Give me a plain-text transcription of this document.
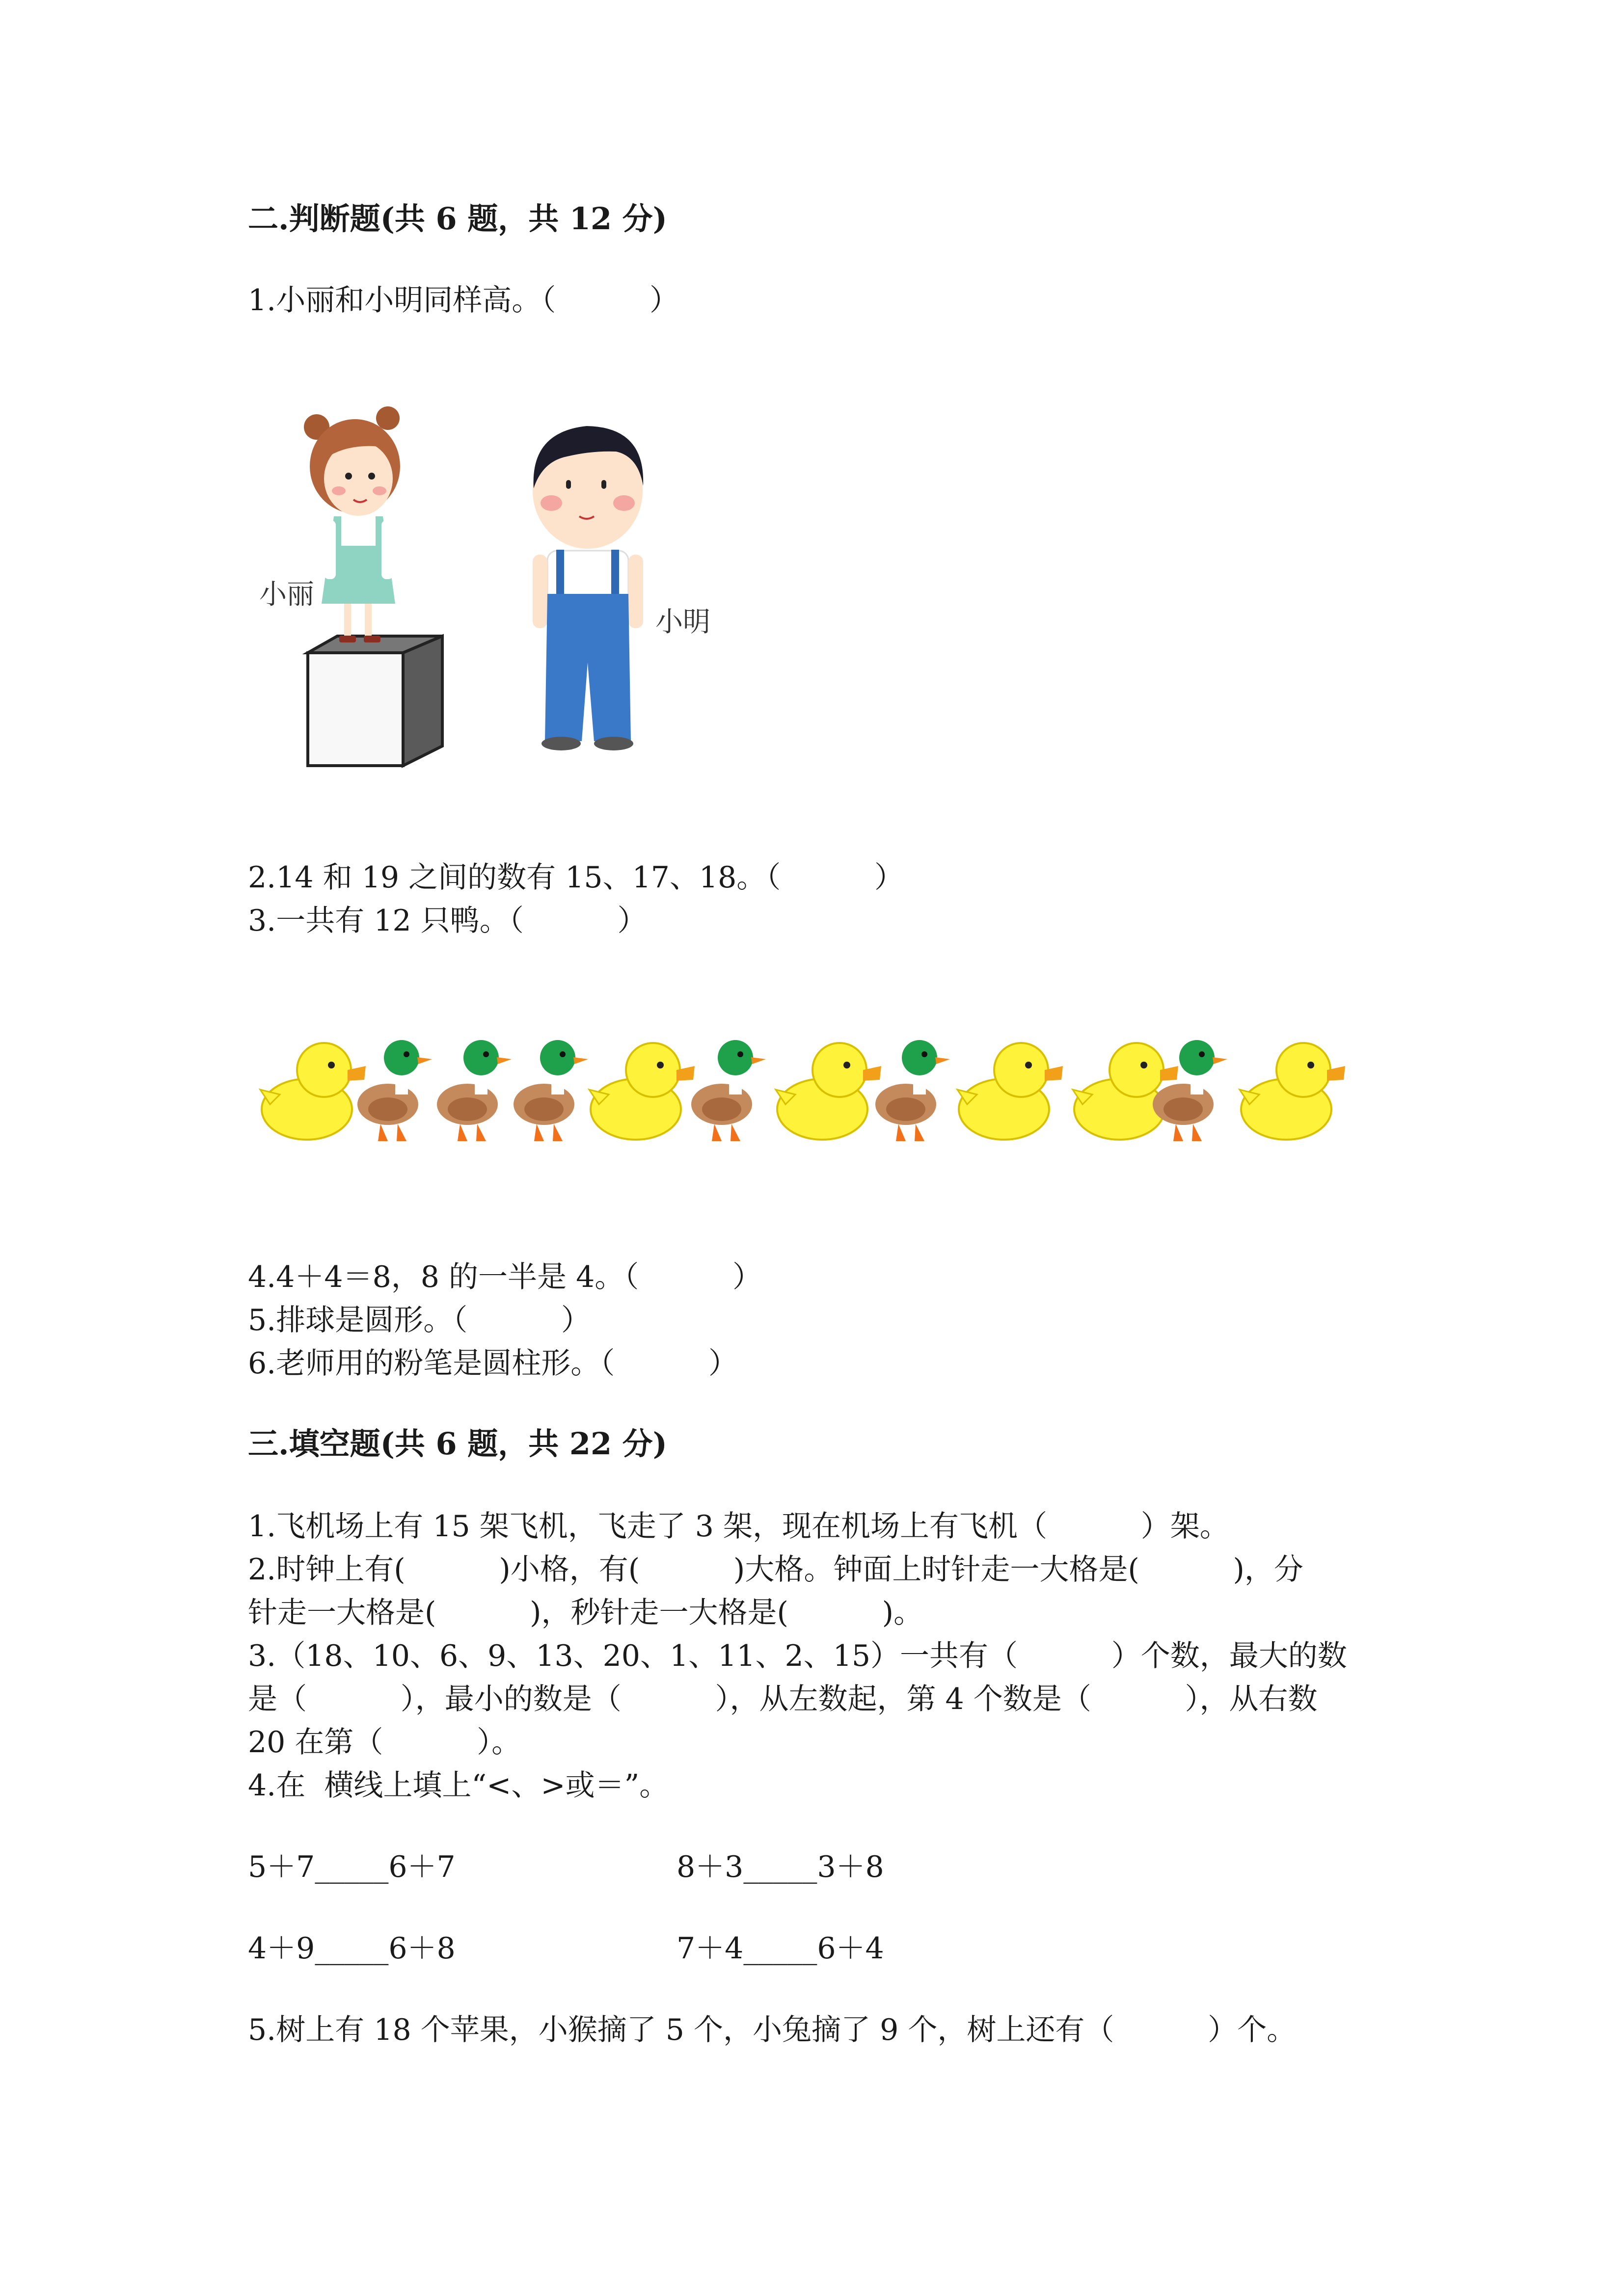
二.判断题(共 6 题，共 12 分)
1.小丽和小明同样高。（          ）
小丽
小明
2.14 和 19 之间的数有 15、17、18。（          ）
3.一共有 12 只鸭。（          ）
4.4＋4＝8，8 的一半是 4。（          ）
5.排球是圆形。（          ）
6.老师用的粉笔是圆柱形。（          ）
三.填空题(共 6 题，共 22 分)
1.飞机场上有 15 架飞机，飞走了 3 架，现在机场上有飞机（          ）架。
2.时钟上有(          )小格，有(          )大格。钟面上时针走一大格是(          )，分
针走一大格是(          )，秒针走一大格是(          )。
3.（18、10、6、9、13、20、1、11、2、15）一共有（          ）个数，最大的数
是（          ），最小的数是（          ），从左数起，第 4 个数是（          ），从右数
20 在第（          ）。
4.在  横线上填上“<、>或＝”。
5＋7_____6＋7	8＋3_____3＋8
4＋9_____6＋8	7＋4_____6＋4
5.树上有 18 个苹果，小猴摘了 5 个，小兔摘了 9 个，树上还有（          ）个。
